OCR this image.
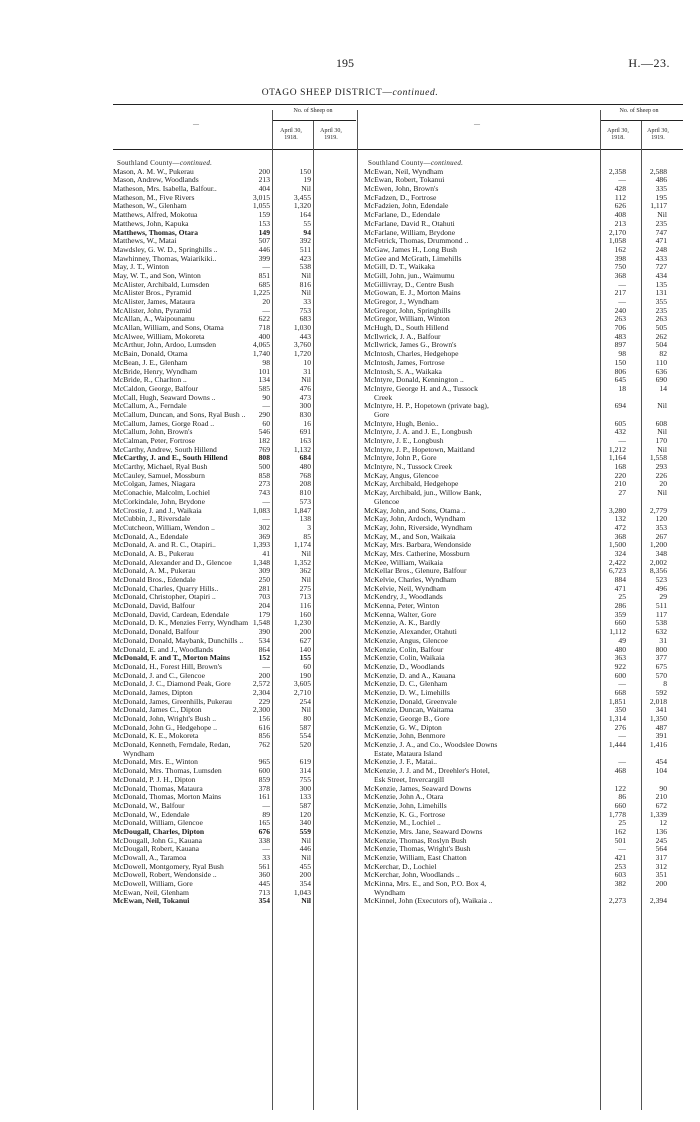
195	H.—23.
OTAGO SHEEP DISTRICT—continued.
—
No. of Sheep on
April 30, 1918.
April 30, 1919.
—
No. of Sheep on
April 30, 1918.
April 30, 1919.
Southland County—continued.
Mason, A. M. W., Pukerau	200	150
Mason, Andrew, Woodlands	213	19
Matheson, Mrs. Isabella, Balfour..	404	Nil
Matheson, M., Five Rivers	3,015	3,455
Matheson, W., Glenham	1,055	1,320
Matthews, Alfred, Mokotua	159	164
Matthews, John, Kapuka	153	55
Matthews, Thomas, Otara	149	94
Matthews, W., Matai	507	392
Mawdsley, G. W. D., Springhills ..	446	511
Mawhinney, Thomas, Waiarikiki..	399	423
May, J. T., Winton	—	538
May, W. T., and Son, Winton	851	Nil
McAlister, Archibald, Lumsden	685	816
McAlister Bros., Pyramid	1,225	Nil
McAlister, James, Mataura	20	33
McAlister, John, Pyramid	—	753
McAllan, A., Waipounamu	622	683
McAllan, William, and Sons, Otama	718	1,030
McAlwee, William, Mokoreta	400	443
McArthur, John, Ardoo, Lumsden	4,065	3,760
McBain, Donald, Otama	1,740	1,720
McBean, J. E., Glenham	98	10
McBride, Henry, Wyndham	101	31
McBride, R., Charlton ..	134	Nil
McCaldon, George, Balfour	585	476
McCall, Hugh, Seaward Downs ..	90	473
McCallum, A., Ferndale	—	300
McCallum, Duncan, and Sons, Ryal Bush ..	290	830
McCallum, James, Gorge Road ..	60	16
McCallum, John, Brown's	546	691
McCalman, Peter, Fortrose	182	163
McCarthy, Andrew, South Hillend	769	1,132
McCarthy, J. and E., South Hillend	808	684
McCarthy, Michael, Ryal Bush	500	480
McCauley, Samuel, Mossburn	858	768
McColgan, James, Niagara	273	208
McConachie, Malcolm, Lochiel	743	810
McCorkindale, John, Brydone	—	573
McCrostie, J. and J., Waikaia	1,083	1,847
McCubbin, J., Riversdale	—	138
McCutcheon, William, Wendon ..	302	3
McDonald, A., Edendale	369	85
McDonald, A. and R. C., Otapiri..	1,393	1,174
McDonald, A. B., Pukerau	41	Nil
McDonald, Alexander and D., Glencoe	1,348	1,352
McDonald, A. M., Pukerau	309	362
McDonald Bros., Edendale	250	Nil
McDonald, Charles, Quarry Hills..	281	275
McDonald, Christopher, Otapiri ..	703	713
McDonald, David, Balfour	204	116
McDonald, David, Cardean, Edendale	179	160
McDonald, D. K., Menzies Ferry, Wyndham 1,548	1,230
McDonald, Donald, Balfour	390	200
McDonald, Donald, Maybank, Dunchills ..	534	627
McDonald, E. and J., Woodlands	864	140
McDonald, F. and T., Morton Mains	152	155
McDonald, H., Forest Hill, Brown's	—	60
McDonald, J. and C., Glencoe	200	190
McDonald, J. C., Diamond Peak, Gore	2,572	3,605
McDonald, James, Dipton	2,304	2,710
McDonald, James, Greenhills, Pukerau	229	254
McDonald, James C., Dipton	2,300	Nil
McDonald, John, Wright's Bush ..	156	80
McDonald, John G., Hedgehope ..	616	587
McDonald, K. E., Mokoreta	856	554
McDonald, Kenneth, Ferndale, Redan,	762	520
Wyndham
McDonald, Mrs. E., Winton	965	619
McDonald, Mrs. Thomas, Lumsden	600	314
McDonald, P. J. H., Dipton	859	755
McDonald, Thomas, Mataura	378	300
McDonald, Thomas, Morton Mains	161	133
McDonald, W., Balfour	—	587
McDonald, W., Edendale	89	120
McDonald, William, Glencoe	165	340
McDougall, Charles, Dipton	676	559
McDougall, John G., Kauana	338	Nil
McDougall, Robert, Kauana	—	446
McDowall, A., Taramoa	33	Nil
McDowell, Montgomery, Ryal Bush	561	455
McDowell, Robert, Wendonside ..	360	200
McDowell, William, Gore	445	354
McEwan, Neil, Glenham	713	1,043
McEwan, Neil, Tokanui	354	Nil
Southland County—continued.
McEwan, Neil, Wyndham	2,358	2,588
McEwan, Robert, Tokanui	—	486
McEwen, John, Brown's	428	335
McFadzen, D., Fortrose	112	195
McFadzien, John, Edendale	626	1,117
McFarlane, D., Edendale	408	Nil
McFarlane, David R., Otahuti	213	235
McFarlane, William, Brydone	2,170	747
McFetrick, Thomas, Drummond ..	1,058	471
McGaw, James H., Long Bush	162	248
McGee and McGrath, Limehills	398	433
McGill, D. T., Waikaka	750	727
McGill, John, jun., Waimumu	368	434
McGillivray, D., Centre Bush	—	135
McGowan, E. J., Morton Mains	217	131
McGregor, J., Wyndham	—	355
McGregor, John, Springhills	240	235
McGregor, William, Winton	263	263
McHugh, D., South Hillend	706	505
McIlwrick, J. A., Balfour	483	262
McIlwrick, James G., Brown's	897	504
McIntosh, Charles, Hedgehope	98	82
McIntosh, James, Fortrose	150	110
McIntosh, S. A., Waikaka	806	636
McIntyre, Donald, Kennington ..	645	690
McIntyre, George H. and A., Tussock	18	14
Creek
McIntyre, H. P., Hopetown (private bag),	694	Nil
Gore
McIntyre, Hugh, Benio..	605	608
McIntyre, J. A. and J. E., Longbush	432	Nil
McIntyre, J. E., Longbush	—	170
McIntyre, J. P., Hopetown, Maitland	1,212	Nil
McIntyre, John P., Gore	1,164	1,558
McIntyre, N., Tussock Creek	168	293
McKay, Angus, Glencoe	220	226
McKay, Archibald, Hedgehope	210	20
McKay, Archibald, jun., Willow Bank,	27	Nil
Glencoe
McKay, John, and Sons, Otama ..	3,280	2,779
McKay, John, Ardoch, Wyndham	132	120
McKay, John, Riverside, Wyndham	472	353
McKay, M., and Son, Waikaia	368	267
McKay, Mrs. Barbara, Wendonside	1,500	1,200
McKay, Mrs. Catherine, Mossburn	324	348
McKee, William, Waikaia	2,422	2,002
McKellar Bros., Glenure, Balfour	6,723	8,356
McKelvie, Charles, Wyndham	884	523
McKelvie, Neil, Wyndham	471	496
McKendry, J., Woodlands	25	29
McKenna, Peter, Winton	286	511
McKenna, Walter, Gore	359	117
McKenzie, A. K., Bardly	660	538
McKenzie, Alexander, Otahuti	1,112	632
McKenzie, Angus, Glencoe	49	31
McKenzie, Colin, Balfour	480	800
McKenzie, Colin, Waikaia	363	377
McKenzie, D., Woodlands	922	675
McKenzie, D. and A., Kauana	600	570
McKenzie, D. C., Glenham	—	8
McKenzie, D. W., Limehills	668	592
McKenzie, Donald, Greenvale	1,851	2,018
McKenzie, Duncan, Waitama	350	341
McKenzie, George B., Gore	1,314	1,350
McKenzie, G. W., Dipton	276	487
McKenzie, John, Benmore	—	391
McKenzie, J. A., and Co., Woodslee Downs	1,444	1,416
Estate, Mataura Island
McKenzie, J. F., Matai..	—	454
McKenzie, J. J. and M., Dreehler's Hotel,	468	104
Esk Street, Invercargill
McKenzie, James, Seaward Downs	122	90
McKenzie, John A., Otara	86	210
McKenzie, John, Limehills	660	672
McKenzie, K. G., Fortrose	1,778	1,339
McKenzie, M., Lochiel ..	25	12
McKenzie, Mrs. Jane, Seaward Downs	162	136
McKenzie, Thomas, Roslyn Bush	501	245
McKenzie, Thomas, Wright's Bush	—	564
McKenzie, William, East Chatton	421	317
McKerchar, D., Lochiel	253	312
McKerchar, John, Woodlands ..	603	351
McKinna, Mrs. E., and Son, P.O. Box 4,	382	200
Wyndham
McKinnel, John (Executors of), Waikaia ..	2,273	2,394
